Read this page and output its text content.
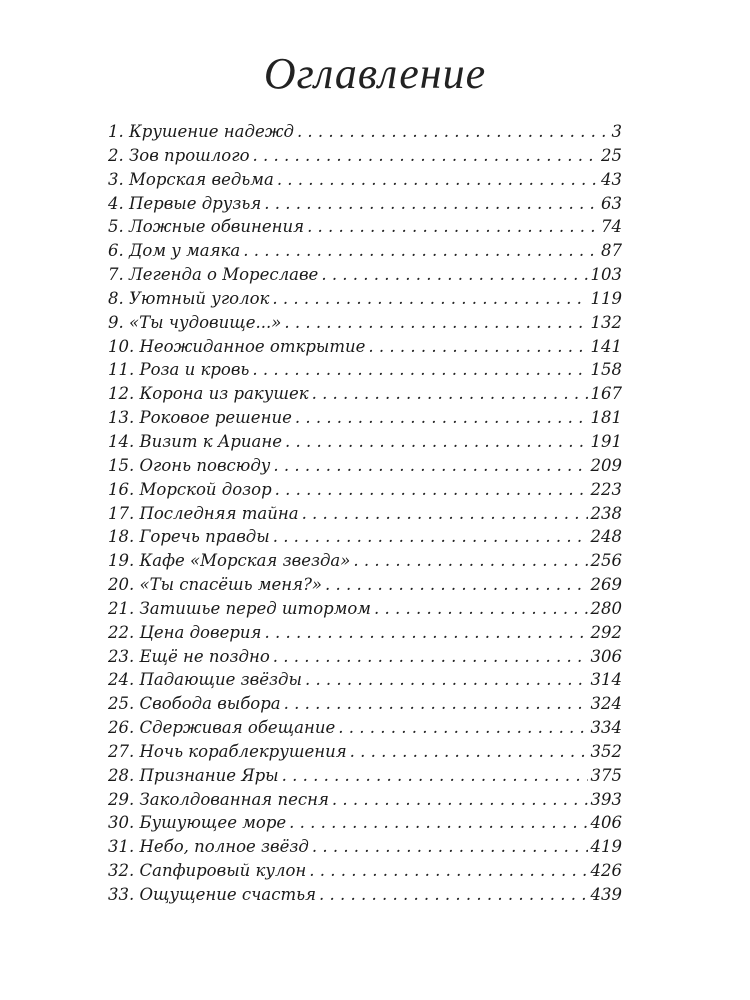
Оглавление
1. Крушение надежд . . .	3
2. Зов прошлого . . .	25
3. Морская ведьма . . .	43
4. Первые друзья . . .	63
5. Ложные обвинения . . .	74
6. Дом у маяка . . .	87
7. Легенда о Мореславе . . .	103
8. Уютный уголок . . .	119
9. «Ты чудовище...» . . .	132
10. Неожиданное открытие . . .	141
11. Роза и кровь . . .	158
12. Корона из ракушек . . .	167
13. Роковое решение . . .	181
14. Визит к Ариане . . .	191
15. Огонь повсюду . . .	209
16. Морской дозор . . .	223
17. Последняя тайна . . .	238
18. Горечь правды . . .	248
19. Кафе «Морская звезда» . . .	256
20. «Ты спасёшь меня?» . . .	269
21. Затишье перед штормом . . .	280
22. Цена доверия . . .	292
23. Ещё не поздно . . .	306
24. Падающие звёзды . . .	314
25. Свобода выбора . . .	324
26. Сдерживая обещание . . .	334
27. Ночь кораблекрушения . . .	352
28. Признание Яры . . .	375
29. Заколдованная песня . . .	393
30. Бушующее море . . .	406
31. Небо, полное звёзд . . .	419
32. Сапфировый кулон . . .	426
33. Ощущение счастья . . .	439
